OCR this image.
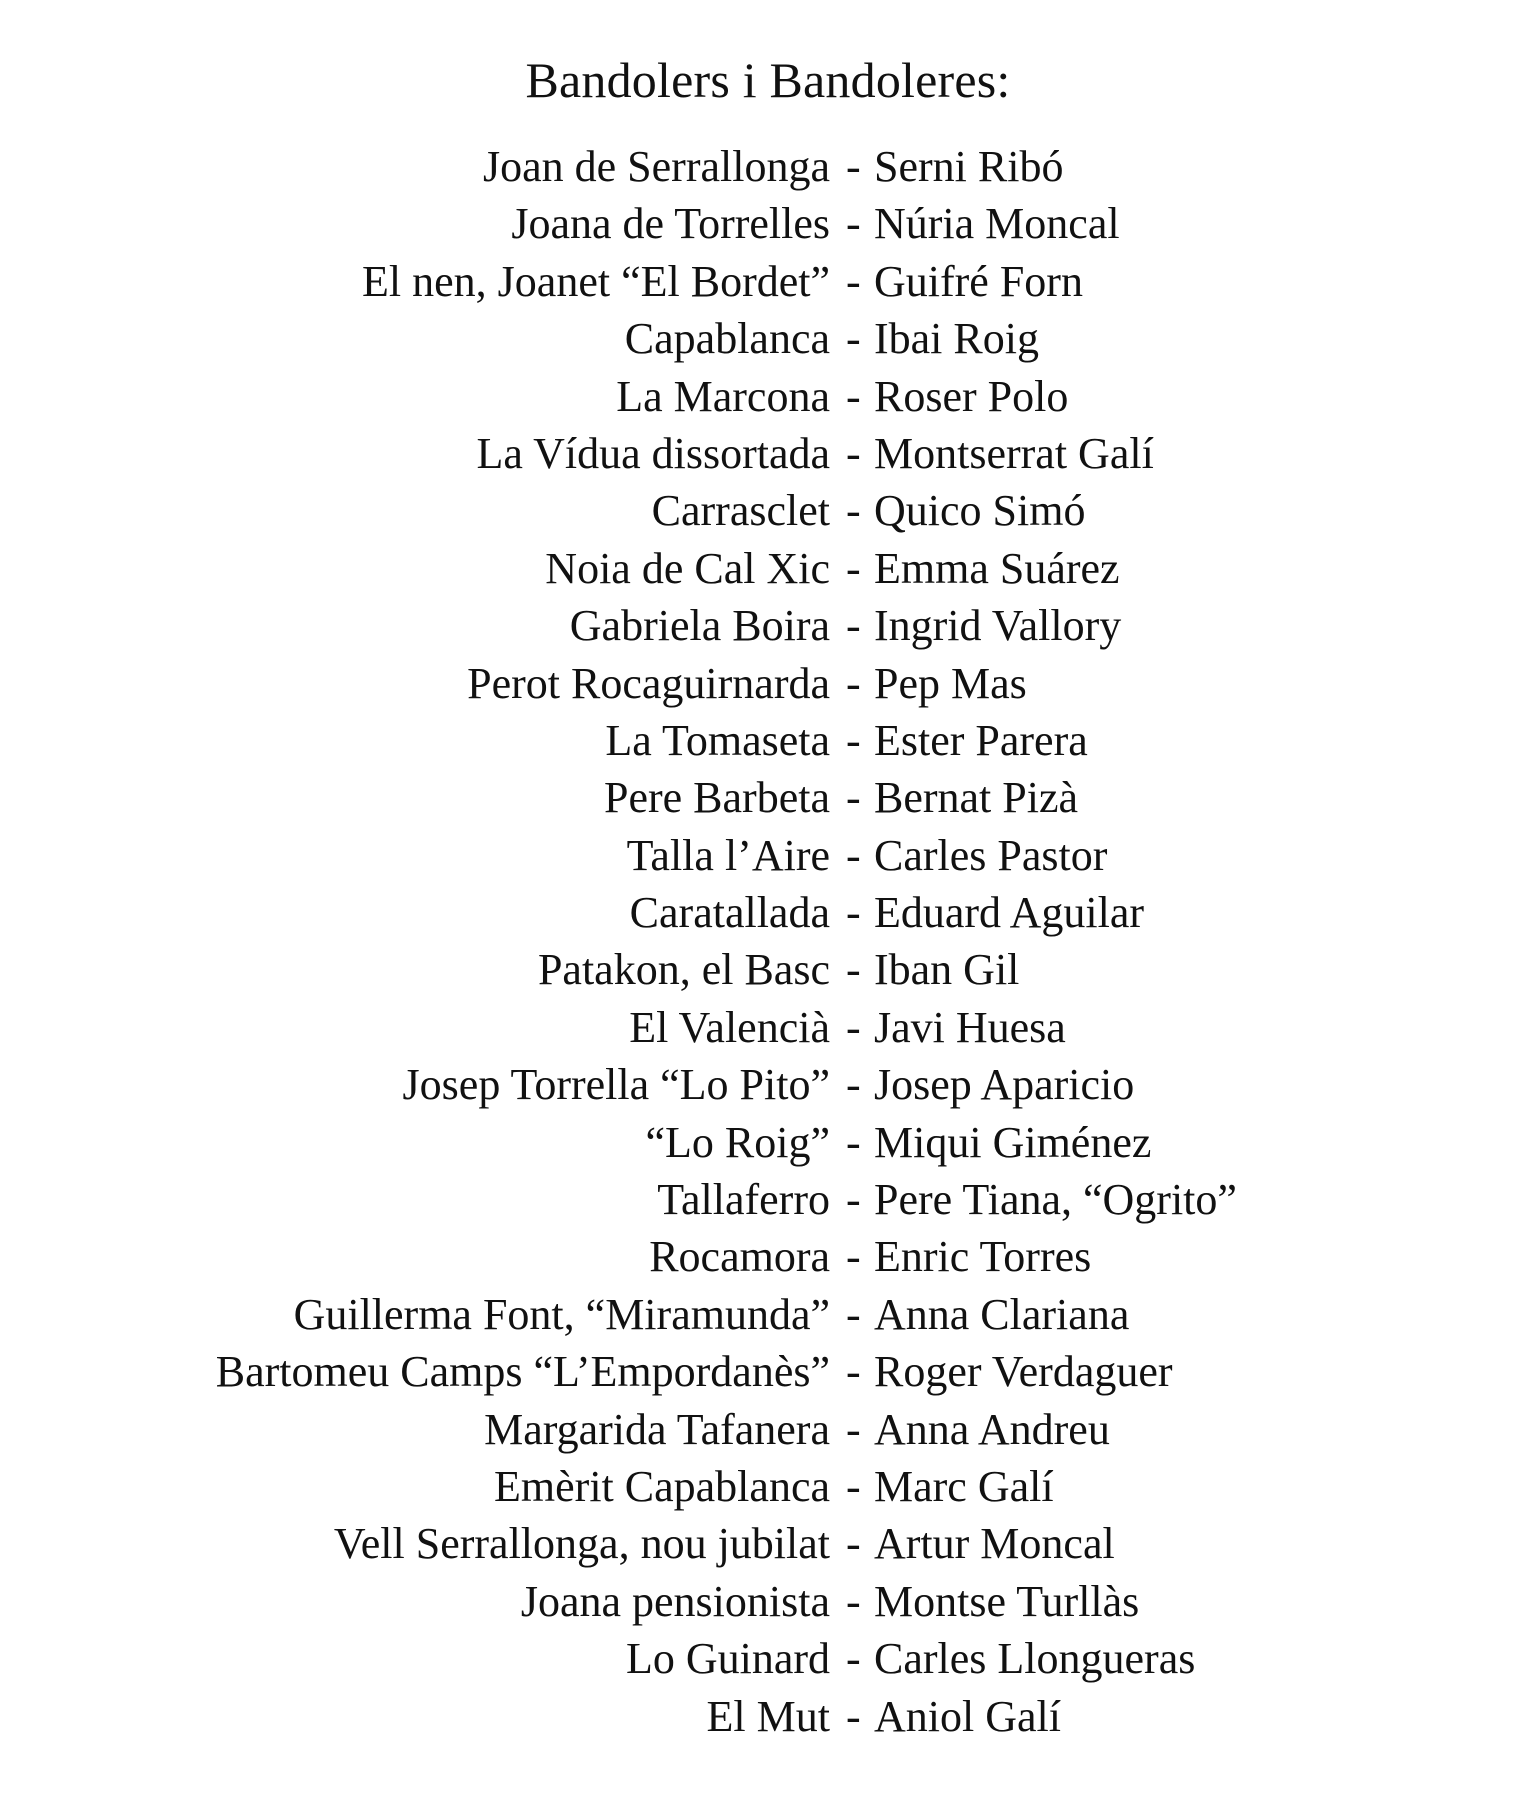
Bandolers i Bandoleres:
Joan de Serrallonga - Serni Ribó
Joana de Torrelles - Núria Moncal
El nen, Joanet “El Bordet” - Guifré Forn
Capablanca - Ibai Roig
La Marcona - Roser Polo
La Vídua dissortada - Montserrat Galí
Carrasclet - Quico Simó
Noia de Cal Xic - Emma Suárez
Gabriela Boira - Ingrid Vallory
Perot Rocaguirnarda - Pep Mas
La Tomaseta - Ester Parera
Pere Barbeta - Bernat Pizà
Talla l’Aire - Carles Pastor
Caratallada - Eduard Aguilar
Patakon, el Basc - Iban Gil
El Valencià - Javi Huesa
Josep Torrella “Lo Pito” - Josep Aparicio
“Lo Roig” - Miqui Giménez
Tallaferro - Pere Tiana, “Ogrito”
Rocamora - Enric Torres
Guillerma Font, “Miramunda” - Anna Clariana
Bartomeu Camps “L’Empordanès” - Roger Verdaguer
Margarida Tafanera - Anna Andreu
Emèrit Capablanca - Marc Galí
Vell Serrallonga, nou jubilat - Artur Moncal
Joana pensionista - Montse Turllàs
Lo Guinard - Carles Llongueras
El Mut - Aniol Galí
